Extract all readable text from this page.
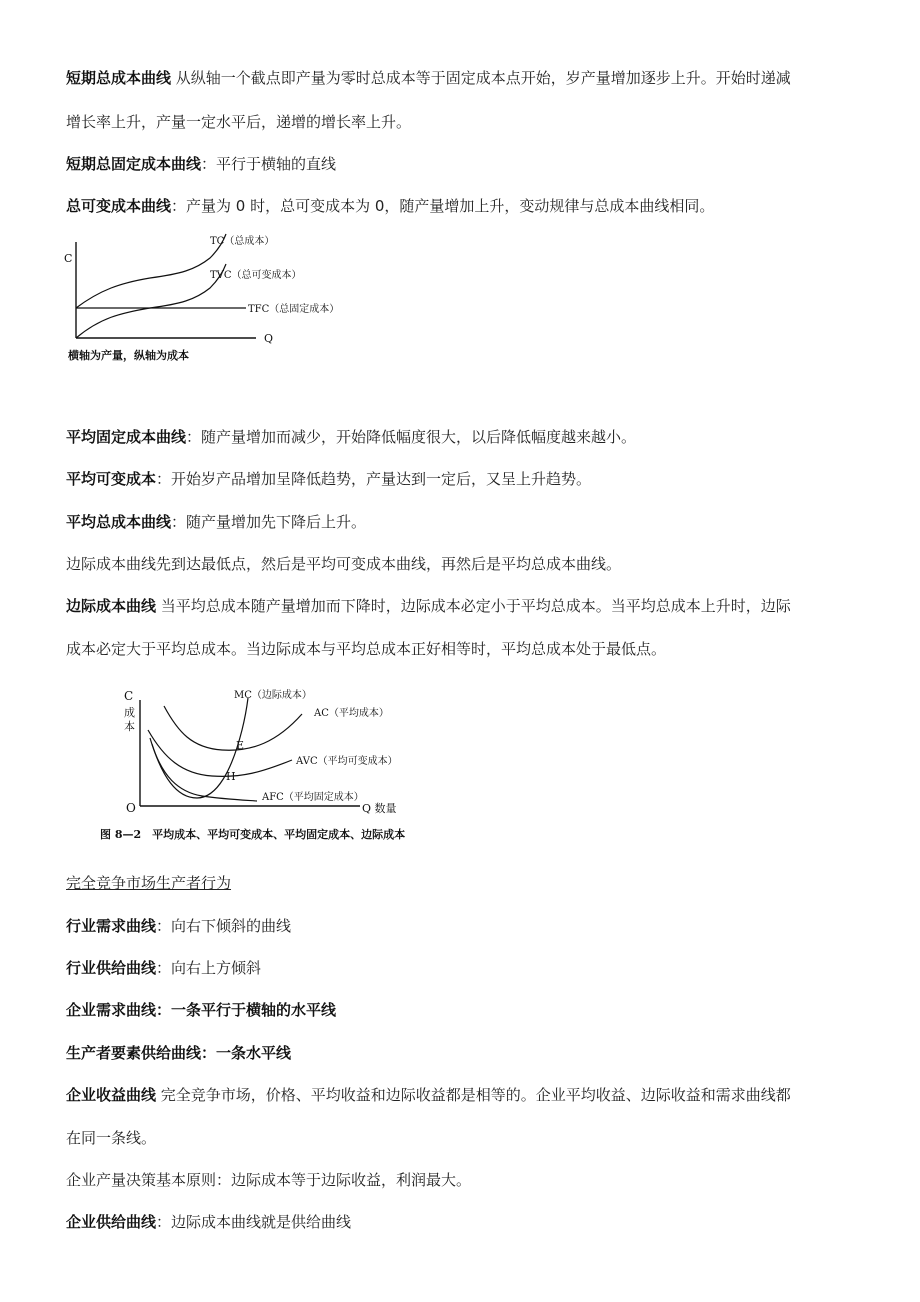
短期总成本曲线 从纵轴一个截点即产量为零时总成本等于固定成本点开始，岁产量增加逐步上升。开始时递减
增长率上升，产量一定水平后，递增的增长率上升。
短期总固定成本曲线：平行于横轴的直线
总可变成本曲线：产量为 0 时，总可变成本为 0，随产量增加上升，变动规律与总成本曲线相同。
C
Q
TC（总成本）
TVC（总可变成本）
TFC（总固定成本）
横轴为产量，纵轴为成本
平均固定成本曲线：随产量增加而减少，开始降低幅度很大，以后降低幅度越来越小。
平均可变成本：开始岁产品增加呈降低趋势，产量达到一定后，又呈上升趋势。
平均总成本曲线：随产量增加先下降后上升。
边际成本曲线先到达最低点，然后是平均可变成本曲线，再然后是平均总成本曲线。
边际成本曲线 当平均总成本随产量增加而下降时，边际成本必定小于平均总成本。当平均总成本上升时，边际
成本必定大于平均总成本。当边际成本与平均总成本正好相等时，平均总成本处于最低点。
C
成
本
O	Q 数量
MC（边际成本）
AC（平均成本）
AVC（平均可变成本）
AFC（平均固定成本）
E
H
图 8—2　平均成本、平均可变成本、平均固定成本、边际成本
完全竞争市场生产者行为
行业需求曲线：向右下倾斜的曲线
行业供给曲线：向右上方倾斜
企业需求曲线：一条平行于横轴的水平线
生产者要素供给曲线：一条水平线
企业收益曲线 完全竞争市场，价格、平均收益和边际收益都是相等的。企业平均收益、边际收益和需求曲线都
在同一条线。
企业产量决策基本原则：边际成本等于边际收益，利润最大。
企业供给曲线：边际成本曲线就是供给曲线
